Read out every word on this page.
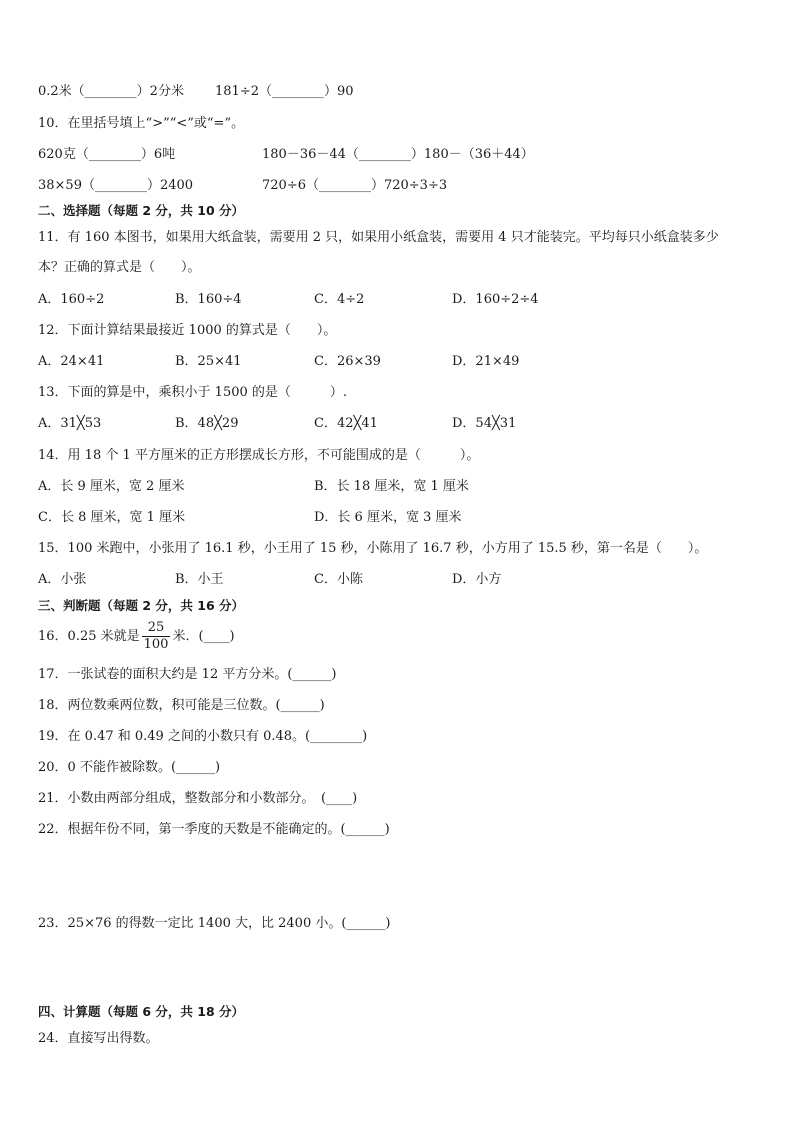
0.2米（________）2分米 181÷2（________）90
10．在里括号填上“>”“<”或“=”。
620克（________）6吨	180－36－44（________）180－（36＋44）
38×59（________）2400	720÷6（________）720÷3÷3
二、选择题（每题 2 分，共 10 分）
11．有 160 本图书，如果用大纸盒装，需要用 2 只，如果用小纸盒装，需要用 4 只才能装完。平均每只小纸盒装多少
本？正确的算式是（　　）。
A．160÷2	B．160÷4	C．4÷2	D．160÷2÷4
12．下面计算结果最接近 1000 的算式是（　　）。
A．24×41	B．25×41	C．26×39	D．21×49
13．下面的算是中，乘积小于 1500 的是（　　　）.
A．31╳53	B．48╳29	C．42╳41	D．54╳31
14．用 18 个 1 平方厘米的正方形摆成长方形，不可能围成的是（　　　）。
A．长 9 厘米，宽 2 厘米	B．长 18 厘米，宽 1 厘米
C．长 8 厘米，宽 1 厘米	D．长 6 厘米，宽 3 厘米
15．100 米跑中，小张用了 16.1 秒，小王用了 15 秒，小陈用了 16.7 秒，小方用了 15.5 秒，第一名是（　　）。
A．小张	B．小王	C．小陈	D．小方
三、判断题（每题 2 分，共 16 分）
16．0.25 米就是 $\frac{25}{100}$ 米．(____)
17．一张试卷的面积大约是 12 平方分米。(______)
18．两位数乘两位数，积可能是三位数。(______)
19．在 0.47 和 0.49 之间的小数只有 0.48。(________)
20．0 不能作被除数。(______)
21．小数由两部分组成，整数部分和小数部分。　(____)
22．根据年份不同，第一季度的天数是不能确定的。(______)
23．25×76 的得数一定比 1400 大，比 2400 小。(______)
四、计算题（每题 6 分，共 18 分）
24．直接写出得数。
